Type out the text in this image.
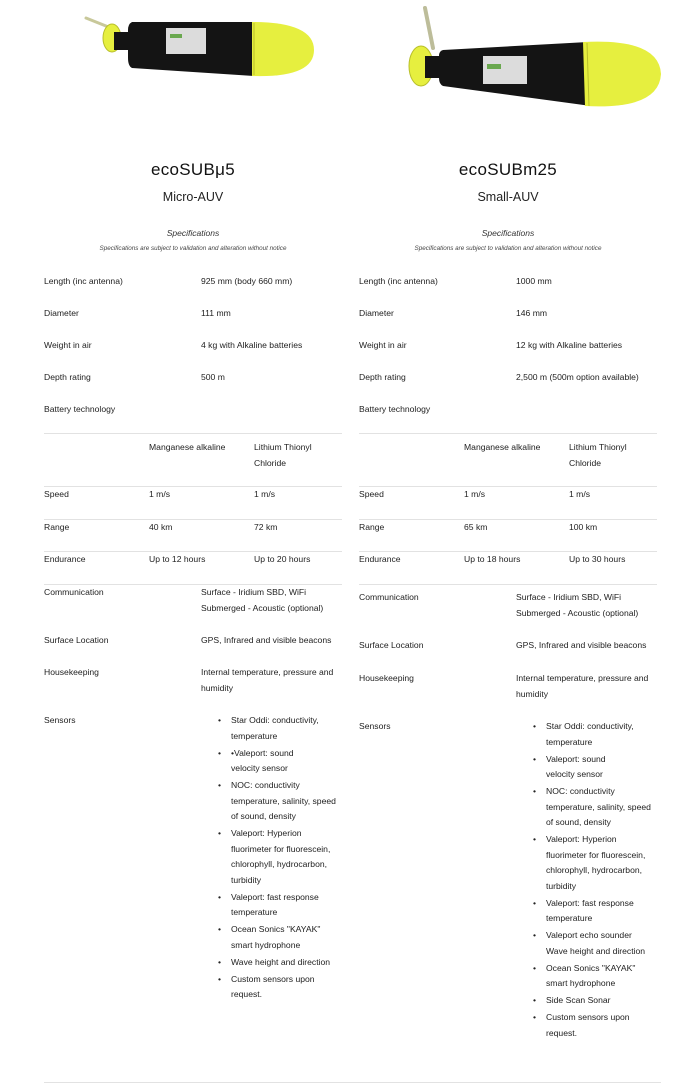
ecoSUBμ5
Micro-AUV
Specifications
Specifications are subject to validation and alteration without notice
Length (inc antenna)	925 mm (body 660 mm)
Diameter	111 mm
Weight in air	4 kg with Alkaline batteries
Depth rating	500 m
Battery technology
Manganese alkaline	Lithium Thionyl
Chloride
Speed	1 m/s	1 m/s
Range	40 km	72 km
Endurance	Up to 12 hours	Up to 20 hours
Communication	Surface - Iridium SBD, WiFi
Submerged - Acoustic (optional)
Surface Location	GPS, Infrared and visible beacons
Housekeeping	Internal temperature, pressure and
humidity
Sensors	• Star Oddi: conductivity,
temperature
• •Valeport: sound
velocity sensor
• NOC: conductivity
temperature, salinity, speed
of sound, density
• Valeport: Hyperion
fluorimeter for fluorescein,
chlorophyll, hydrocarbon,
turbidity
• Valeport: fast response
temperature
• Ocean Sonics "KAYAK"
smart hydrophone
• Wave height and direction
• Custom sensors upon
request.
ecoSUBm25
Small-AUV
Specifications
Specifications are subject to validation and alteration without notice
Length (inc antenna)	1000 mm
Diameter	146 mm
Weight in air	12 kg with Alkaline batteries
Depth rating	2,500 m (500m option available)
Battery technology
Manganese alkaline	Lithium Thionyl
Chloride
Speed	1 m/s	1 m/s
Range	65 km	100 km
Endurance	Up to 18 hours	Up to 30 hours
Communication	Surface - Iridium SBD, WiFi
Submerged - Acoustic (optional)
Surface Location	GPS, Infrared and visible beacons
Housekeeping	Internal temperature, pressure and
humidity
Sensors	• Star Oddi: conductivity,
temperature
• Valeport: sound
velocity sensor
• NOC: conductivity
temperature, salinity, speed
of sound, density
• Valeport: Hyperion
fluorimeter for fluorescein,
chlorophyll, hydrocarbon,
turbidity
• Valeport: fast response
temperature
• Valeport echo sounder
Wave height and direction
• Ocean Sonics "KAYAK"
smart hydrophone
• Side Scan Sonar
• Custom sensors upon
request.
